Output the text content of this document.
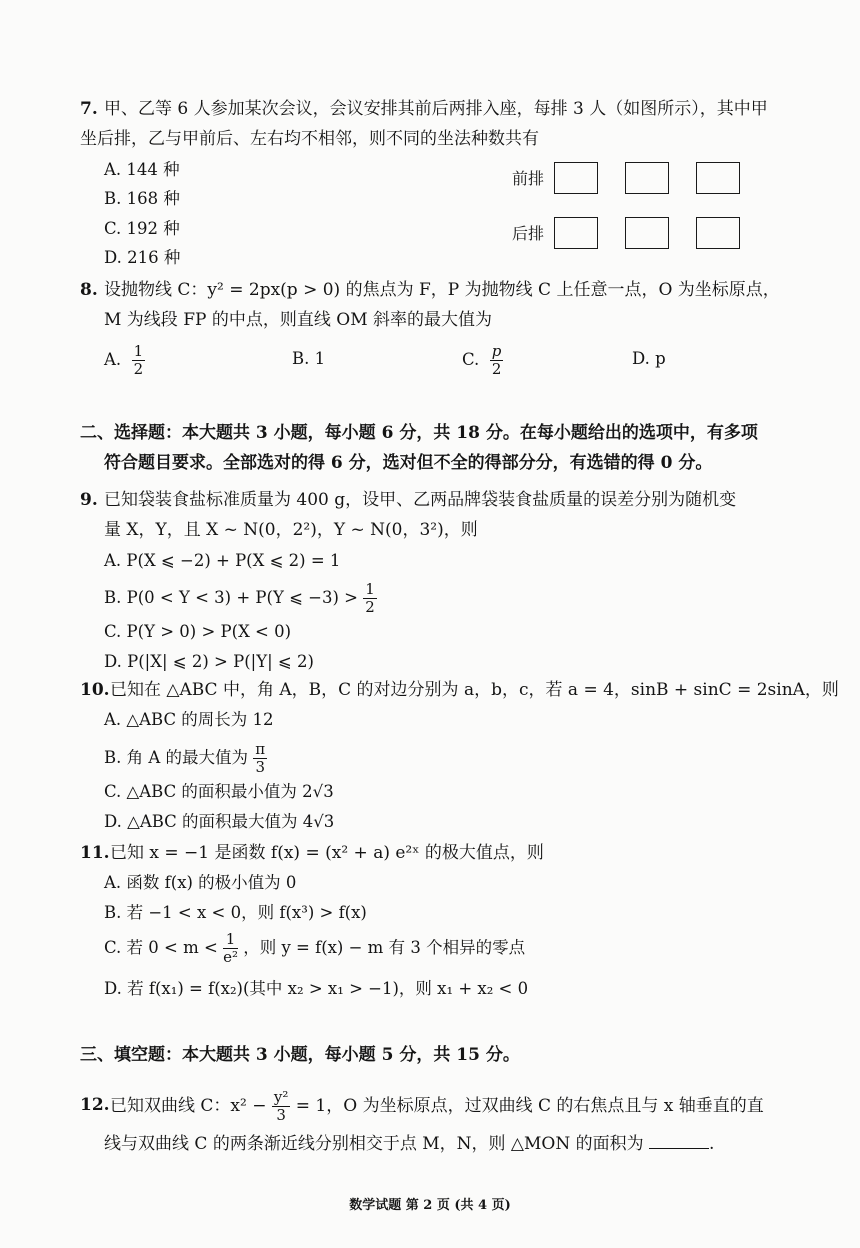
7. 甲、乙等 6 人参加某次会议，会议安排其前后两排入座，每排 3 人（如图所示），其中甲
坐后排，乙与甲前后、左右均不相邻，则不同的坐法种数共有
A. 144 种
B. 168 种
C. 192 种
D. 216 种
前排
后排
8. 设抛物线 C：y² = 2px(p > 0) 的焦点为 F，P 为抛物线 C 上任意一点，O 为坐标原点，
M 为线段 FP 的中点，则直线 OM 斜率的最大值为
A. $\frac{1}{2}$	B. 1	C. $\frac{p}{2}$	D. p
二、选择题：本大题共 3 小题，每小题 6 分，共 18 分。在每小题给出的选项中，有多项
符合题目要求。全部选对的得 6 分，选对但不全的得部分分，有选错的得 0 分。
9. 已知袋装食盐标准质量为 400 g，设甲、乙两品牌袋装食盐质量的误差分别为随机变
量 X，Y，且 X ~ N(0，2²)，Y ~ N(0，3²)，则
A. P(X ⩽ −2) + P(X ⩽ 2) = 1
B. P(0 < Y < 3) + P(Y ⩽ $-3) > \frac{1}{2}$
C. P(Y > 0) > P(X < 0)
D. P(|X| ⩽ 2) > P(|Y| ⩽ 2)
10. 已知在 △ABC 中，角 A，B，C 的对边分别为 a，b，c，若 a = 4，sinB + sinC = 2sinA，则
A. △ABC 的周长为 12
B. 角 A 的最大值为 $\frac{\pi}{3}$
C. △ABC 的面积最小值为 2√3
D. △ABC 的面积最大值为 4√3
11. 已知 x = −1 是函数 f(x) = (x² + a) e²ˣ 的极大值点，则
A. 函数 f(x) 的极小值为 0
B. 若 −1 < x < 0，则 f(x³) > f(x)
C. 若 $0 < m < \frac{1}{\text{e²}}$ ，则 y = f(x) − m 有 3 个相异的零点
D. 若 f(x₁) = f(x₂)(其中 x₂ > x₁ > −1)，则 x₁ + x₂ < 0
三、填空题：本大题共 3 小题，每小题 5 分，共 15 分。
12. 已知双曲线 C：$x^2 - \frac{\text{y²}}{3} = 1$，O 为坐标原点，过双曲线 C 的右焦点且与 x 轴垂直的直
线与双曲线 C 的两条渐近线分别相交于点 M，N，则 △MON 的面积为	.
数学试题 第 2 页 (共 4 页)
